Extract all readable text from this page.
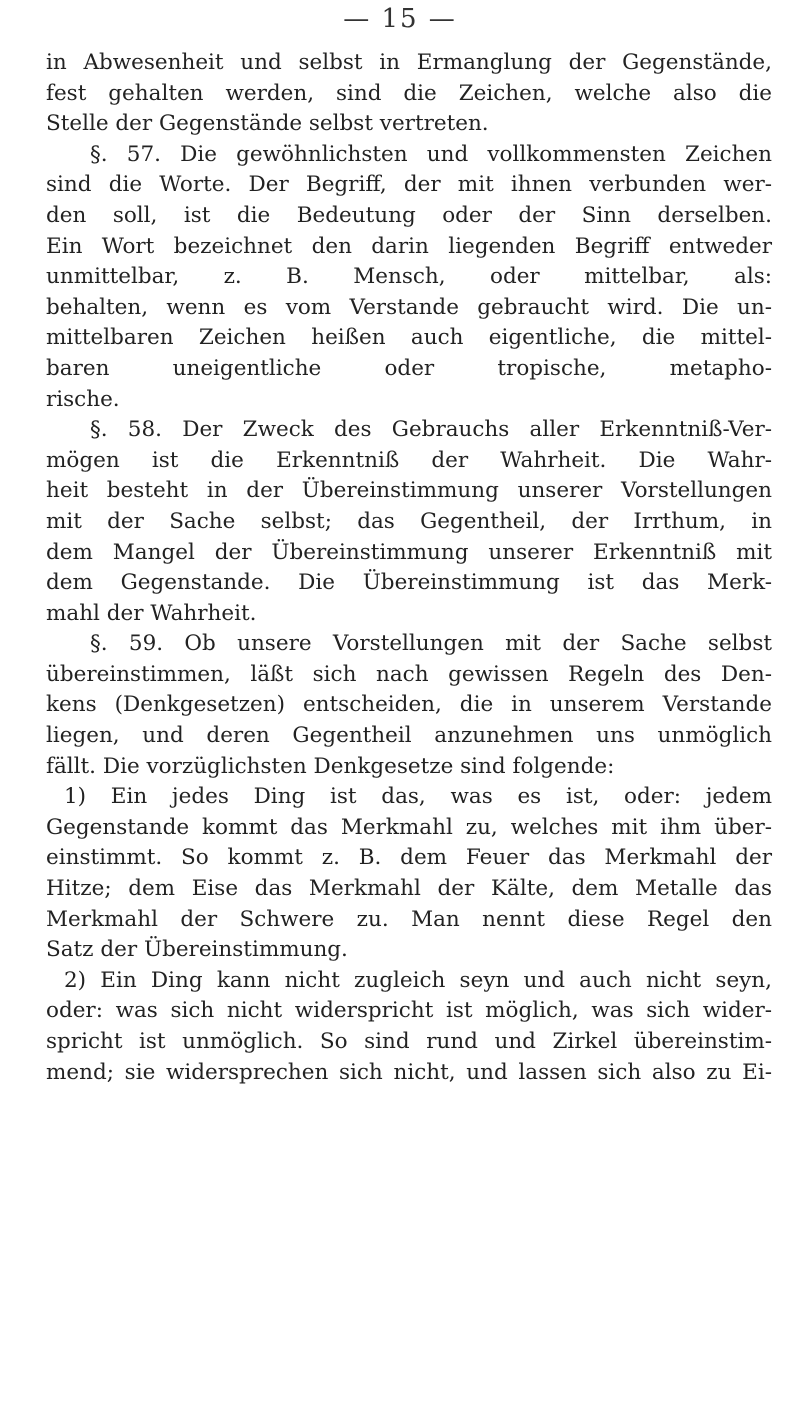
— 15 —
in Abwesenheit und selbst in Ermanglung der Gegenstände,
fest gehalten werden, sind die Zeichen, welche also die
Stelle der Gegenstände selbst vertreten.
§. 57. Die gewöhnlichsten und vollkommensten Zeichen
sind die Worte. Der Begriff, der mit ihnen verbunden wer-
den soll, ist die Bedeutung oder der Sinn derselben.
Ein Wort bezeichnet den darin liegenden Begriff entweder
unmittelbar, z. B. Mensch, oder mittelbar, als:
behalten, wenn es vom Verstande gebraucht wird. Die un-
mittelbaren Zeichen heißen auch eigentliche, die mittel-
baren uneigentliche oder tropische, metapho-
rische.
§. 58. Der Zweck des Gebrauchs aller Erkenntniß-Ver-
mögen ist die Erkenntniß der Wahrheit. Die Wahr-
heit besteht in der Übereinstimmung unserer Vorstellungen
mit der Sache selbst; das Gegentheil, der Irrthum, in
dem Mangel der Übereinstimmung unserer Erkenntniß mit
dem Gegenstande. Die Übereinstimmung ist das Merk-
mahl der Wahrheit.
§. 59. Ob unsere Vorstellungen mit der Sache selbst
übereinstimmen, läßt sich nach gewissen Regeln des Den-
kens (Denkgesetzen) entscheiden, die in unserem Verstande
liegen, und deren Gegentheil anzunehmen uns unmöglich
fällt. Die vorzüglichsten Denkgesetze sind folgende:
1) Ein jedes Ding ist das, was es ist, oder: jedem
Gegenstande kommt das Merkmahl zu, welches mit ihm über-
einstimmt. So kommt z. B. dem Feuer das Merkmahl der
Hitze; dem Eise das Merkmahl der Kälte, dem Metalle das
Merkmahl der Schwere zu. Man nennt diese Regel den
Satz der Übereinstimmung.
2) Ein Ding kann nicht zugleich seyn und auch nicht seyn,
oder: was sich nicht widerspricht ist möglich, was sich wider-
spricht ist unmöglich. So sind rund und Zirkel übereinstim-
mend; sie widersprechen sich nicht, und lassen sich also zu Ei-
